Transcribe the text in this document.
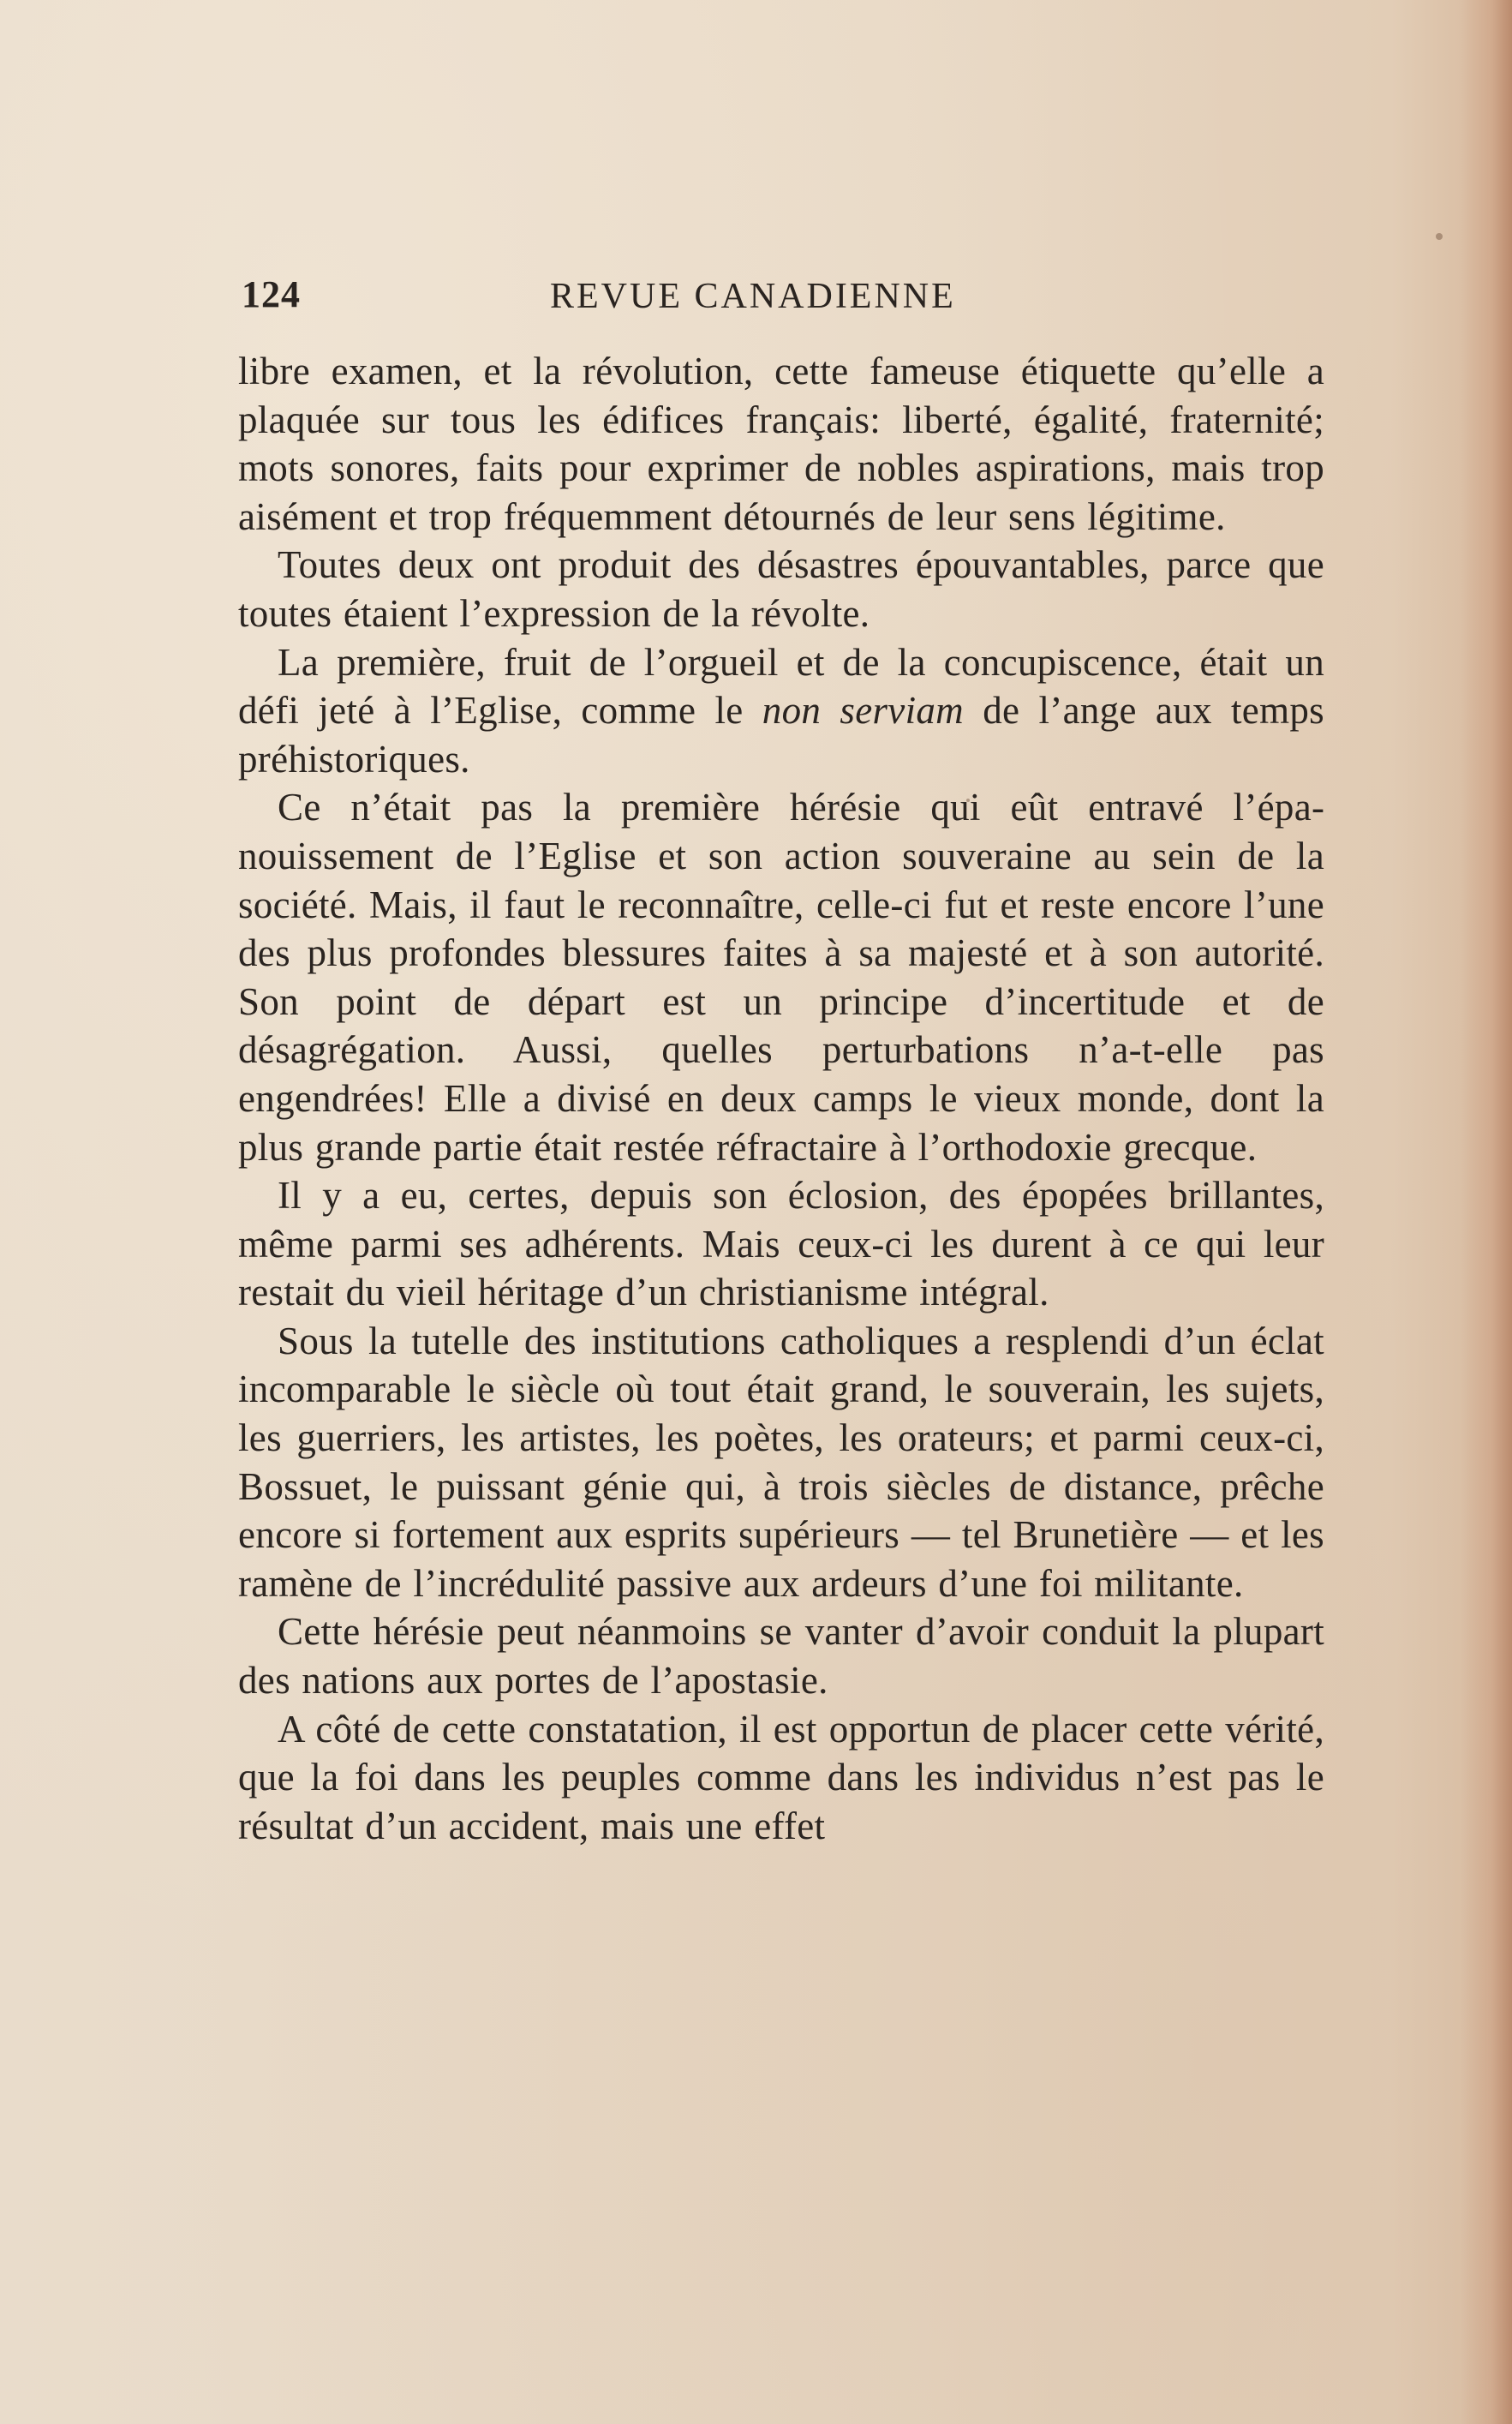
124	REVUE CANADIENNE

libre examen, et la révolution, cette fameuse étiquette qu’elle a plaquée sur tous les édifices français: liberté, égalité, fraternité; mots sonores, faits pour exprimer de nobles aspirations, mais trop aisément et trop fréquemment détournés de leur sens légitime.

Toutes deux ont produit des désastres épouvantables, parce que toutes étaient l’expression de la révolte.

La première, fruit de l’orgueil et de la concupiscence, était un défi jeté à l’Eglise, comme le non serviam de l’ange aux temps préhistoriques.

Ce n’était pas la première hérésie qui eût entravé l’épanouissement de l’Eglise et son action souveraine au sein de la société. Mais, il faut le reconnaître, celle-ci fut et reste encore l’une des plus profondes blessures faites à sa majesté et à son autorité. Son point de départ est un principe d’incertitude et de désagrégation. Aussi, quelles perturbations n’a-t-elle pas engendrées! Elle a divisé en deux camps le vieux monde, dont la plus grande partie était restée réfractaire à l’orthodoxie grecque.

Il y a eu, certes, depuis son éclosion, des épopées brillantes, même parmi ses adhérents. Mais ceux-ci les durent à ce qui leur restait du vieil héritage d’un christianisme intégral.

Sous la tutelle des institutions catholiques a resplendi d’un éclat incomparable le siècle où tout était grand, le souverain, les sujets, les guerriers, les artistes, les poètes, les orateurs; et parmi ceux-ci, Bossuet, le puissant génie qui, à trois siècles de distance, prêche encore si fortement aux esprits supérieurs — tel Brunetière — et les ramène de l’incrédulité passive aux ardeurs d’une foi militante.

Cette hérésie peut néanmoins se vanter d’avoir conduit la plupart des nations aux portes de l’apostasie.

A côté de cette constatation, il est opportun de placer cette vérité, que la foi dans les peuples comme dans les individus n’est pas le résultat d’un accident, mais une effet
